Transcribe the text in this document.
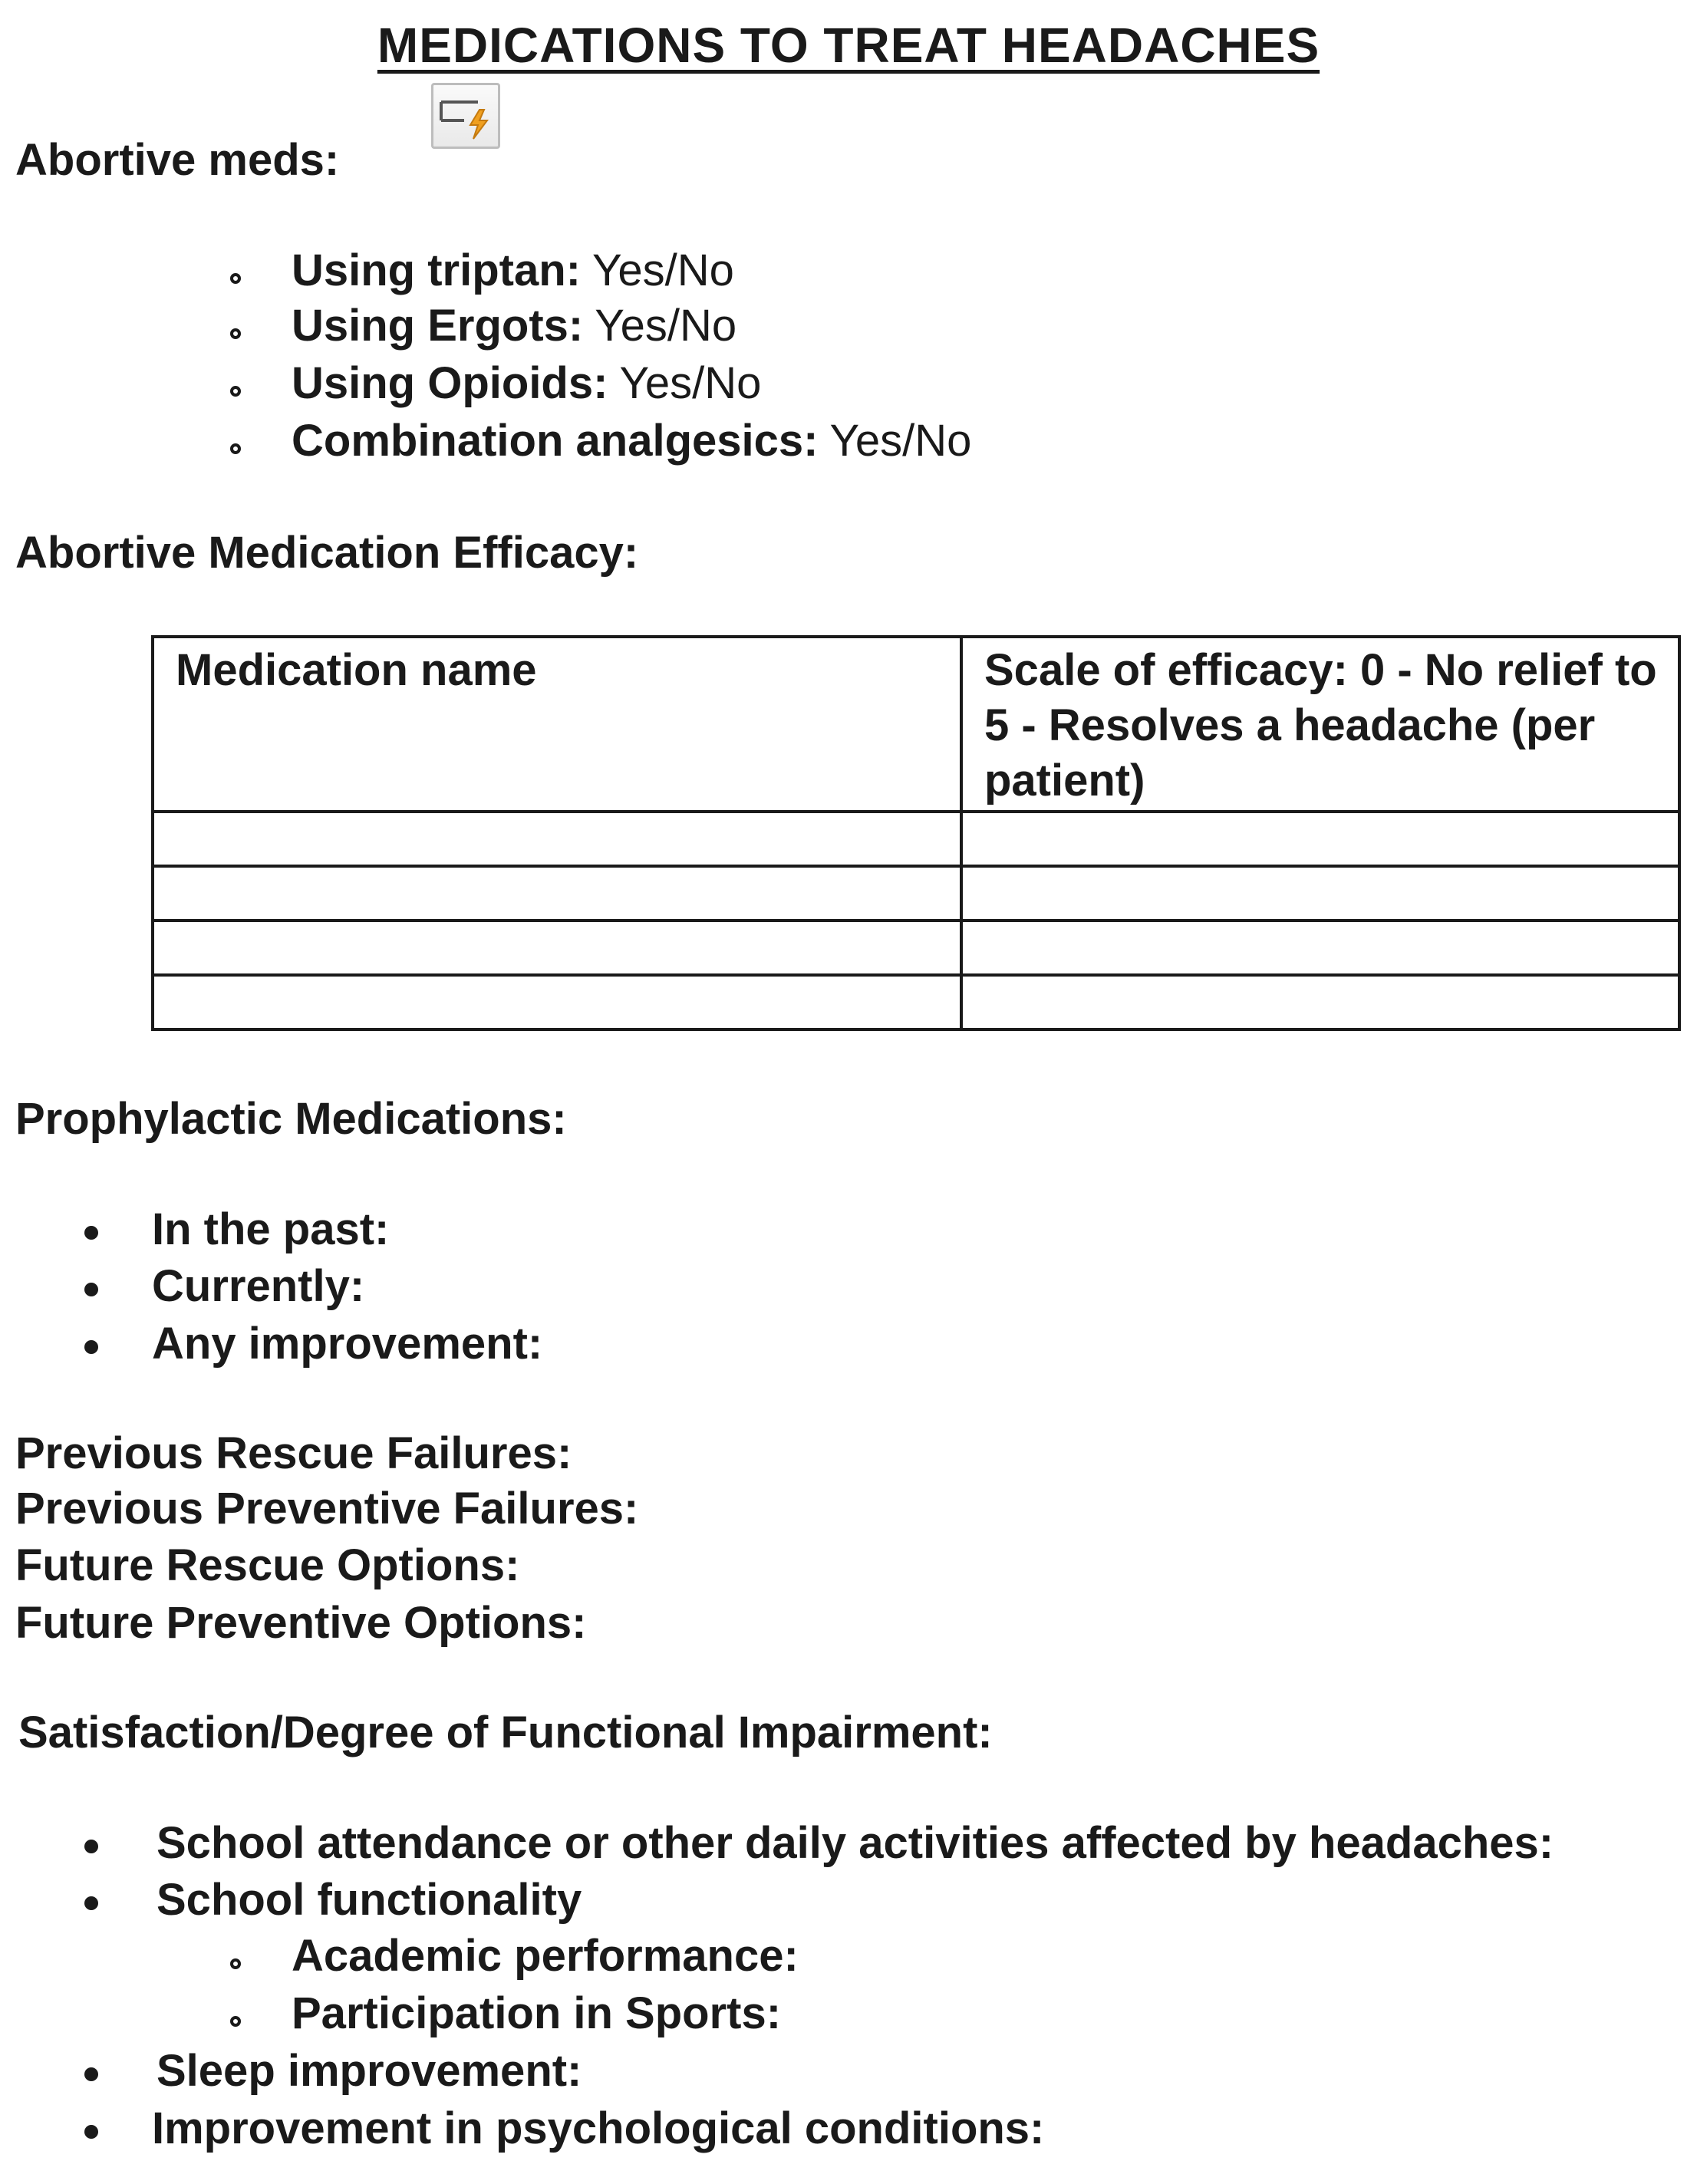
MEDICATIONS TO TREAT HEADACHES
Abortive meds:
Using triptan: Yes/No
Using Ergots: Yes/No
Using Opioids: Yes/No
Combination analgesics: Yes/No
Abortive Medication Efficacy:
Medication name	Scale of efficacy: 0 - No relief to 5 - Resolves a headache (per patient)

Prophylactic Medications:
In the past:
Currently:
Any improvement:
Previous Rescue Failures:
Previous Preventive Failures:
Future Rescue Options:
Future Preventive Options:
Satisfaction/Degree of Functional Impairment:
School attendance or other daily activities affected by headaches:
School functionality
Academic performance:
Participation in Sports:
Sleep improvement:
Improvement in psychological conditions:
